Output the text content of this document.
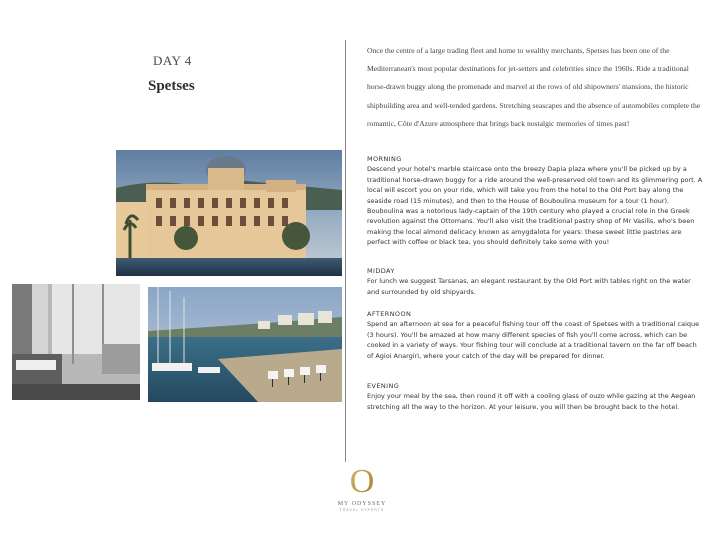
DAY 4
Spetses
Once the centre of a large trading fleet and home to wealthy merchants, Spetses has been one of the Mediterranean's most popular destinations for jet-setters and celebrities since the 1960s. Ride a traditional horse-drawn buggy along the promenade and marvel at the rows of old shipowners' mansions, the historic shipbuilding area and well-tended gardens. Stretching seascapes and the absence of automobiles complete the romantic, Côte d'Azure atmosphere that brings back nostalgic memories of times past!
MORNING
Descend your hotel's marble staircase onto the breezy Dapia plaza where you'll be picked up by a traditional horse-drawn buggy for a ride around the well-preserved old town and its glimmering port. A local will escort you on your ride, which will take you from the hotel to the Old Port bay along the seaside road (15 minutes), and then to the House of Bouboulina museum for a tour (1 hour). Bouboulina was a notorious lady-captain of the 19th century who played a crucial role in the Greek revolution against the Ottomans. You'll also visit the traditional pastry shop of Mr Vasilis, who's been making the local almond delicacy known as amygdalota for years: these sweet little pastries are perfect with coffee or black tea, you should definitely take some with you!
MIDDAY
For lunch we suggest Tarsanas, an elegant restaurant by the Old Port with tables right on the water and surrounded by old shipyards.
AFTERNOON
Spend an afternoon at sea for a peaceful fishing tour off the coast of Spetses with a traditional caique (3 hours). You'll be amazed at how many different species of fish you'll come across, which can be cooked in a variety of ways. Your fishing tour will conclude at a traditional tavern on the far off beach of Agioi Anargiri, where your catch of the day will be prepared for dinner.
EVENING
Enjoy your meal by the sea, then round it off with a cooling glass of ouzo while gazing at the Aegean stretching all the way to the horizon. At your leisure, you will then be brought back to the hotel.
O
MY ODYSSEY
TRAVEL EXPERTS
